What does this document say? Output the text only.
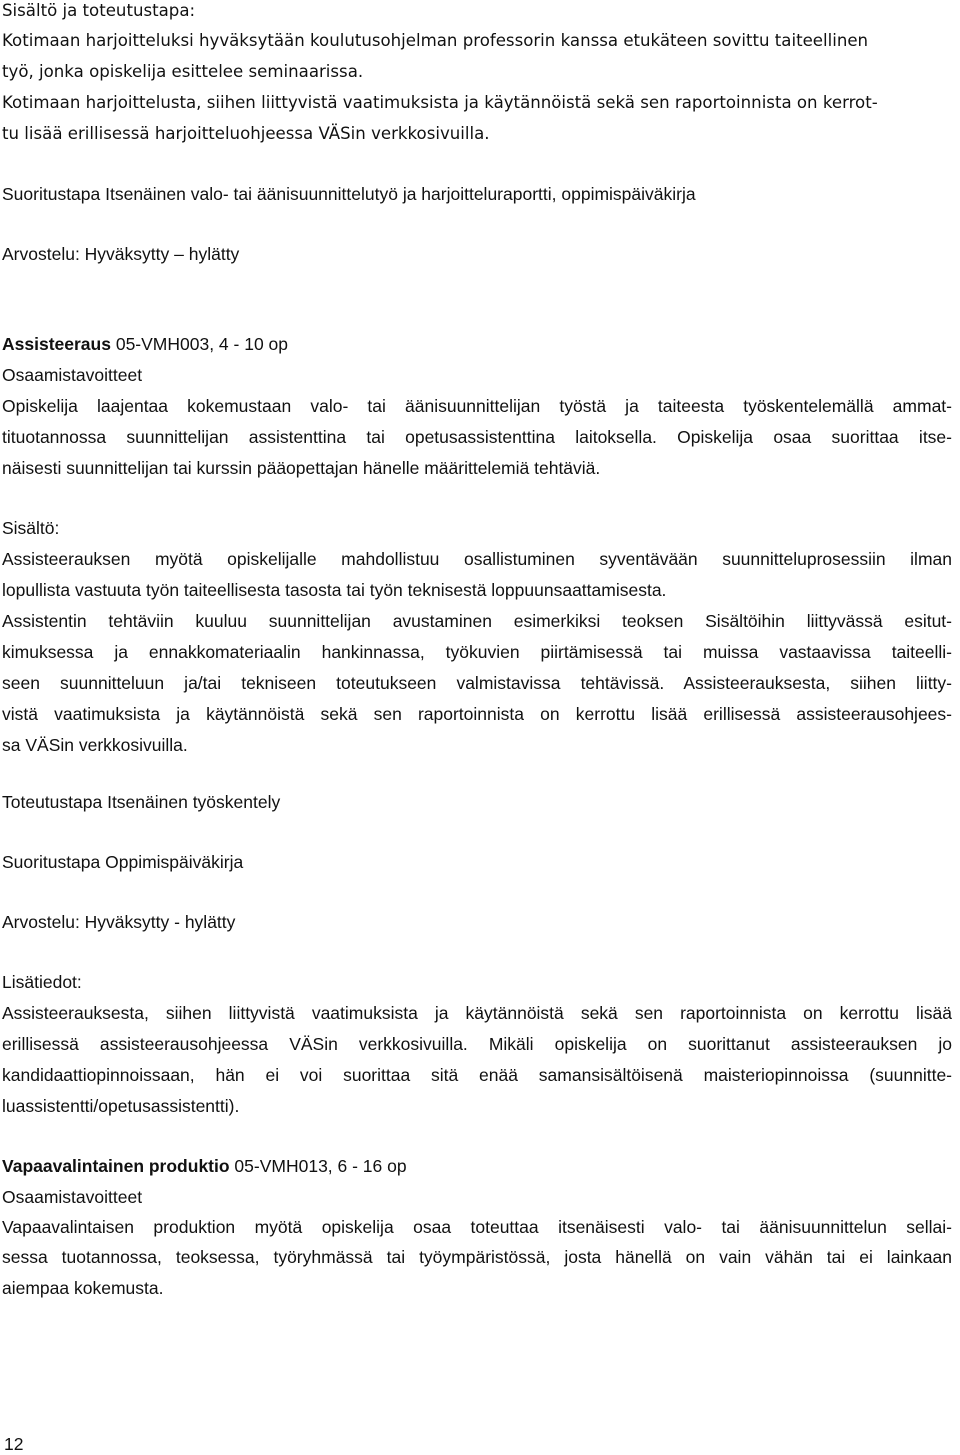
Sisältö ja toteutustapa:
Kotimaan harjoitteluksi hyväksytään koulutusohjelman professorin kanssa etukäteen sovittu taiteellinen
työ, jonka opiskelija esittelee seminaarissa.
Kotimaan harjoittelusta, siihen liittyvistä vaatimuksista ja käytännöistä sekä sen raportoinnista on kerrot-
tu lisää erillisessä harjoitteluohjeessa VÄSin verkkosivuilla.
Suoritustapa Itsenäinen valo- tai äänisuunnittelutyö ja harjoitteluraportti, oppimispäiväkirja
Arvostelu: Hyväksytty – hylätty
Assisteeraus 05-VMH003, 4 - 10 op
Osaamistavoitteet
Opiskelija laajentaa kokemustaan valo- tai äänisuunnittelijan työstä ja taiteesta työskentelemällä ammat-
tituotannossa suunnittelijan assistenttina tai opetusassistenttina laitoksella. Opiskelija osaa suorittaa itse-
näisesti suunnittelijan tai kurssin pääopettajan hänelle määrittelemiä tehtäviä.
Sisältö:
Assisteerauksen myötä opiskelijalle mahdollistuu osallistuminen syventävään suunnitteluprosessiin ilman
lopullista vastuuta työn taiteellisesta tasosta tai työn teknisestä loppuunsaattamisesta.
Assistentin tehtäviin kuuluu suunnittelijan avustaminen esimerkiksi teoksen Sisältöihin liittyvässä esitut-
kimuksessa ja ennakkomateriaalin hankinnassa, työkuvien piirtämisessä tai muissa vastaavissa taiteelli-
seen suunnitteluun ja/tai tekniseen toteutukseen valmistavissa tehtävissä. Assisteerauksesta, siihen liitty-
vistä vaatimuksista ja käytännöistä sekä sen raportoinnista on kerrottu lisää erillisessä assisteerausohjees-
sa VÄSin verkkosivuilla.
Toteutustapa Itsenäinen työskentely
Suoritustapa Oppimispäiväkirja
Arvostelu: Hyväksytty - hylätty
Lisätiedot:
Assisteerauksesta, siihen liittyvistä vaatimuksista ja käytännöistä sekä sen raportoinnista on kerrottu lisää
erillisessä assisteerausohjeessa VÄSin verkkosivuilla. Mikäli opiskelija on suorittanut assisteerauksen jo
kandidaattiopinnoissaan, hän ei voi suorittaa sitä enää samansisältöisenä maisteriopinnoissa (suunnitte-
luassistentti/opetusassistentti).
Vapaavalintainen produktio 05-VMH013, 6 - 16 op
Osaamistavoitteet
Vapaavalintaisen produktion myötä opiskelija osaa toteuttaa itsenäisesti valo- tai äänisuunnittelun sellai-
sessa tuotannossa, teoksessa, työryhmässä tai työympäristössä, josta hänellä on vain vähän tai ei lainkaan
aiempaa kokemusta.
12
